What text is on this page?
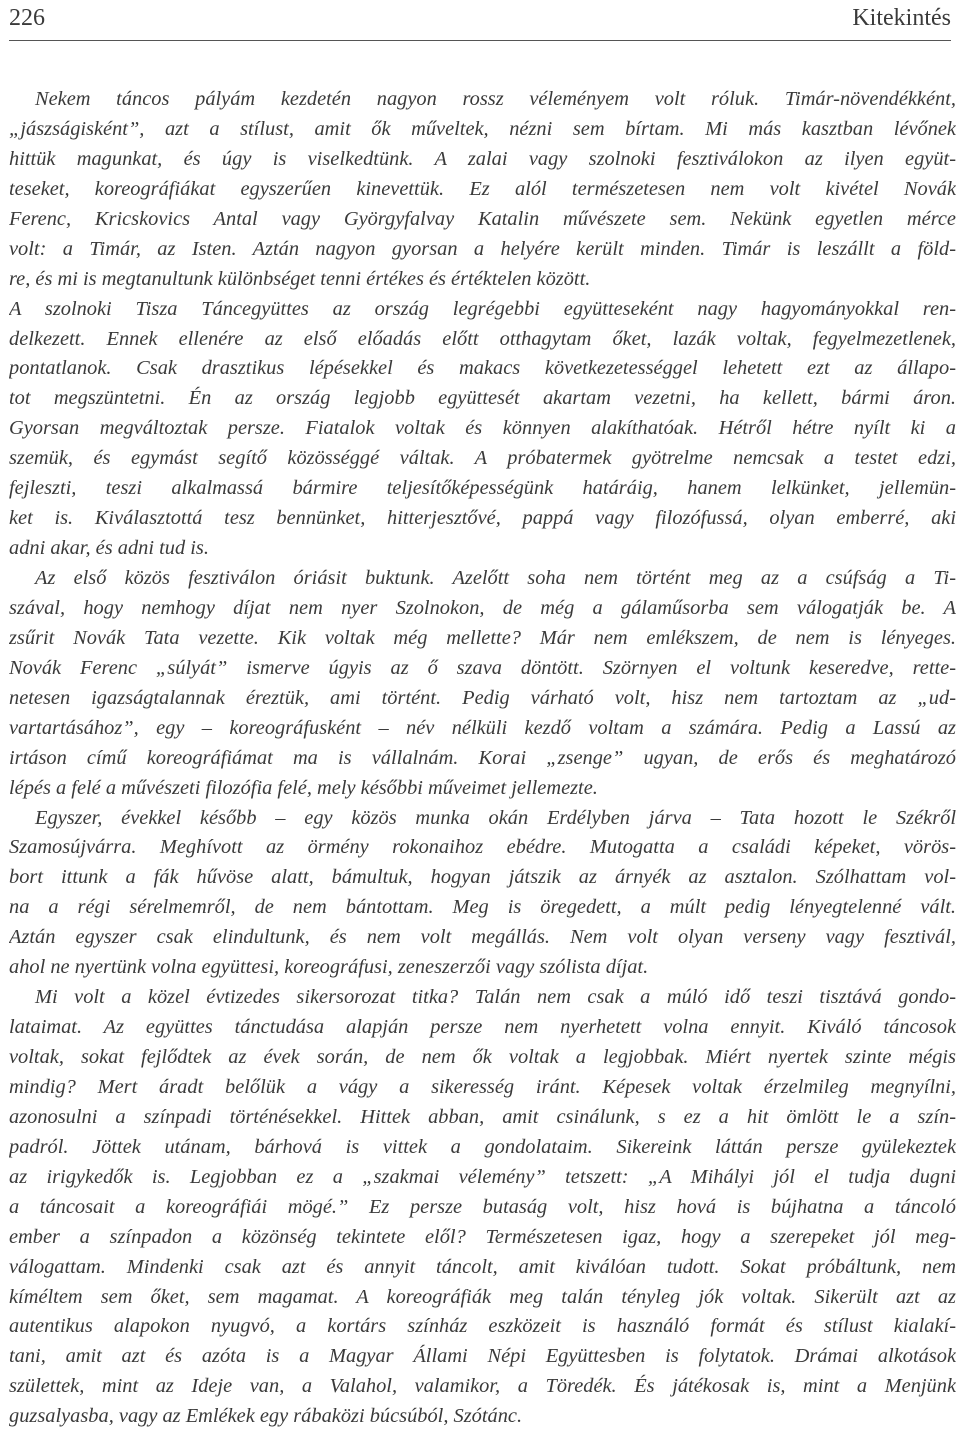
226	Kitekintés
Nekem táncos pályám kezdetén nagyon rossz véleményem volt róluk. Timár-növendékként,
„jászságisként”, azt a stílust, amit ők műveltek, nézni sem bírtam. Mi más kasztban lévőnek
hittük magunkat, és úgy is viselkedtünk. A zalai vagy szolnoki fesztiválokon az ilyen együt-
teseket, koreográfiákat egyszerűen kinevettük. Ez alól természetesen nem volt kivétel Novák
Ferenc, Kricskovics Antal vagy Györgyfalvay Katalin művészete sem. Nekünk egyetlen mérce
volt: a Timár, az Isten. Aztán nagyon gyorsan a helyére került minden. Timár is leszállt a föld-
re, és mi is megtanultunk különbséget tenni értékes és értéktelen között.
A szolnoki Tisza Táncegyüttes az ország legrégebbi együtteseként nagy hagyományokkal ren-
delkezett. Ennek ellenére az első előadás előtt otthagytam őket, lazák voltak, fegyelmezetlenek,
pontatlanok. Csak drasztikus lépésekkel és makacs következetességgel lehetett ezt az állapo-
tot megszüntetni. Én az ország legjobb együttesét akartam vezetni, ha kellett, bármi áron.
Gyorsan megváltoztak persze. Fiatalok voltak és könnyen alakíthatóak. Hétről hétre nyílt ki a
szemük, és egymást segítő közösséggé váltak. A próbatermek gyötrelme nemcsak a testet edzi,
fejleszti, teszi alkalmassá bármire teljesítőképességünk határáig, hanem lelkünket, jellemün-
ket is. Kiválasztottá tesz bennünket, hitterjesztővé, pappá vagy filozófussá, olyan emberré, aki
adni akar, és adni tud is.
Az első közös fesztiválon óriásit buktunk. Azelőtt soha nem történt meg az a csúfság a Ti-
szával, hogy nemhogy díjat nem nyer Szolnokon, de még a gálaműsorba sem válogatják be. A
zsűrit Novák Tata vezette. Kik voltak még mellette? Már nem emlékszem, de nem is lényeges.
Novák Ferenc „súlyát” ismerve úgyis az ő szava döntött. Szörnyen el voltunk keseredve, rette-
netesen igazságtalannak éreztük, ami történt. Pedig várható volt, hisz nem tartoztam az „ud-
vartartásához”, egy – koreográfusként – név nélküli kezdő voltam a számára. Pedig a Lassú az
irtáson című koreográfiámat ma is vállalnám. Korai „zsenge” ugyan, de erős és meghatározó
lépés a felé a művészeti filozófia felé, mely későbbi műveimet jellemezte.
Egyszer, évekkel később – egy közös munka okán Erdélyben járva – Tata hozott le Székről
Szamosújvárra. Meghívott az örmény rokonaihoz ebédre. Mutogatta a családi képeket, vörös-
bort ittunk a fák hűvöse alatt, bámultuk, hogyan játszik az árnyék az asztalon. Szólhattam vol-
na a régi sérelmemről, de nem bántottam. Meg is öregedett, a múlt pedig lényegtelenné vált.
Aztán egyszer csak elindultunk, és nem volt megállás. Nem volt olyan verseny vagy fesztivál,
ahol ne nyertünk volna együttesi, koreográfusi, zeneszerzői vagy szólista díjat.
Mi volt a közel évtizedes sikersorozat titka? Talán nem csak a múló idő teszi tisztává gondo-
lataimat. Az együttes tánctudása alapján persze nem nyerhetett volna ennyit. Kiváló táncosok
voltak, sokat fejlődtek az évek során, de nem ők voltak a legjobbak. Miért nyertek szinte mégis
mindig? Mert áradt belőlük a vágy a sikeresség iránt. Képesek voltak érzelmileg megnyílni,
azonosulni a színpadi történésekkel. Hittek abban, amit csinálunk, s ez a hit ömlött le a szín-
padról. Jöttek utánam, bárhová is vittek a gondolataim. Sikereink láttán persze gyülekeztek
az irigykedők is. Legjobban ez a „szakmai vélemény” tetszett: „A Mihályi jól el tudja dugni
a táncosait a koreográfiái mögé.” Ez persze butaság volt, hisz hová is bújhatna a táncoló
ember a színpadon a közönség tekintete elől? Természetesen igaz, hogy a szerepeket jól meg-
válogattam. Mindenki csak azt és annyit táncolt, amit kiválóan tudott. Sokat próbáltunk, nem
kíméltem sem őket, sem magamat. A koreográfiák meg talán tényleg jók voltak. Sikerült azt az
autentikus alapokon nyugvó, a kortárs színház eszközeit is használó formát és stílust kialakí-
tani, amit azt és azóta is a Magyar Állami Népi Együttesben is folytatok. Drámai alkotások
születtek, mint az Ideje van, a Valahol, valamikor, a Töredék. És játékosak is, mint a Menjünk
guzsalyasba, vagy az Emlékek egy rábaközi búcsúból, Szótánc.
